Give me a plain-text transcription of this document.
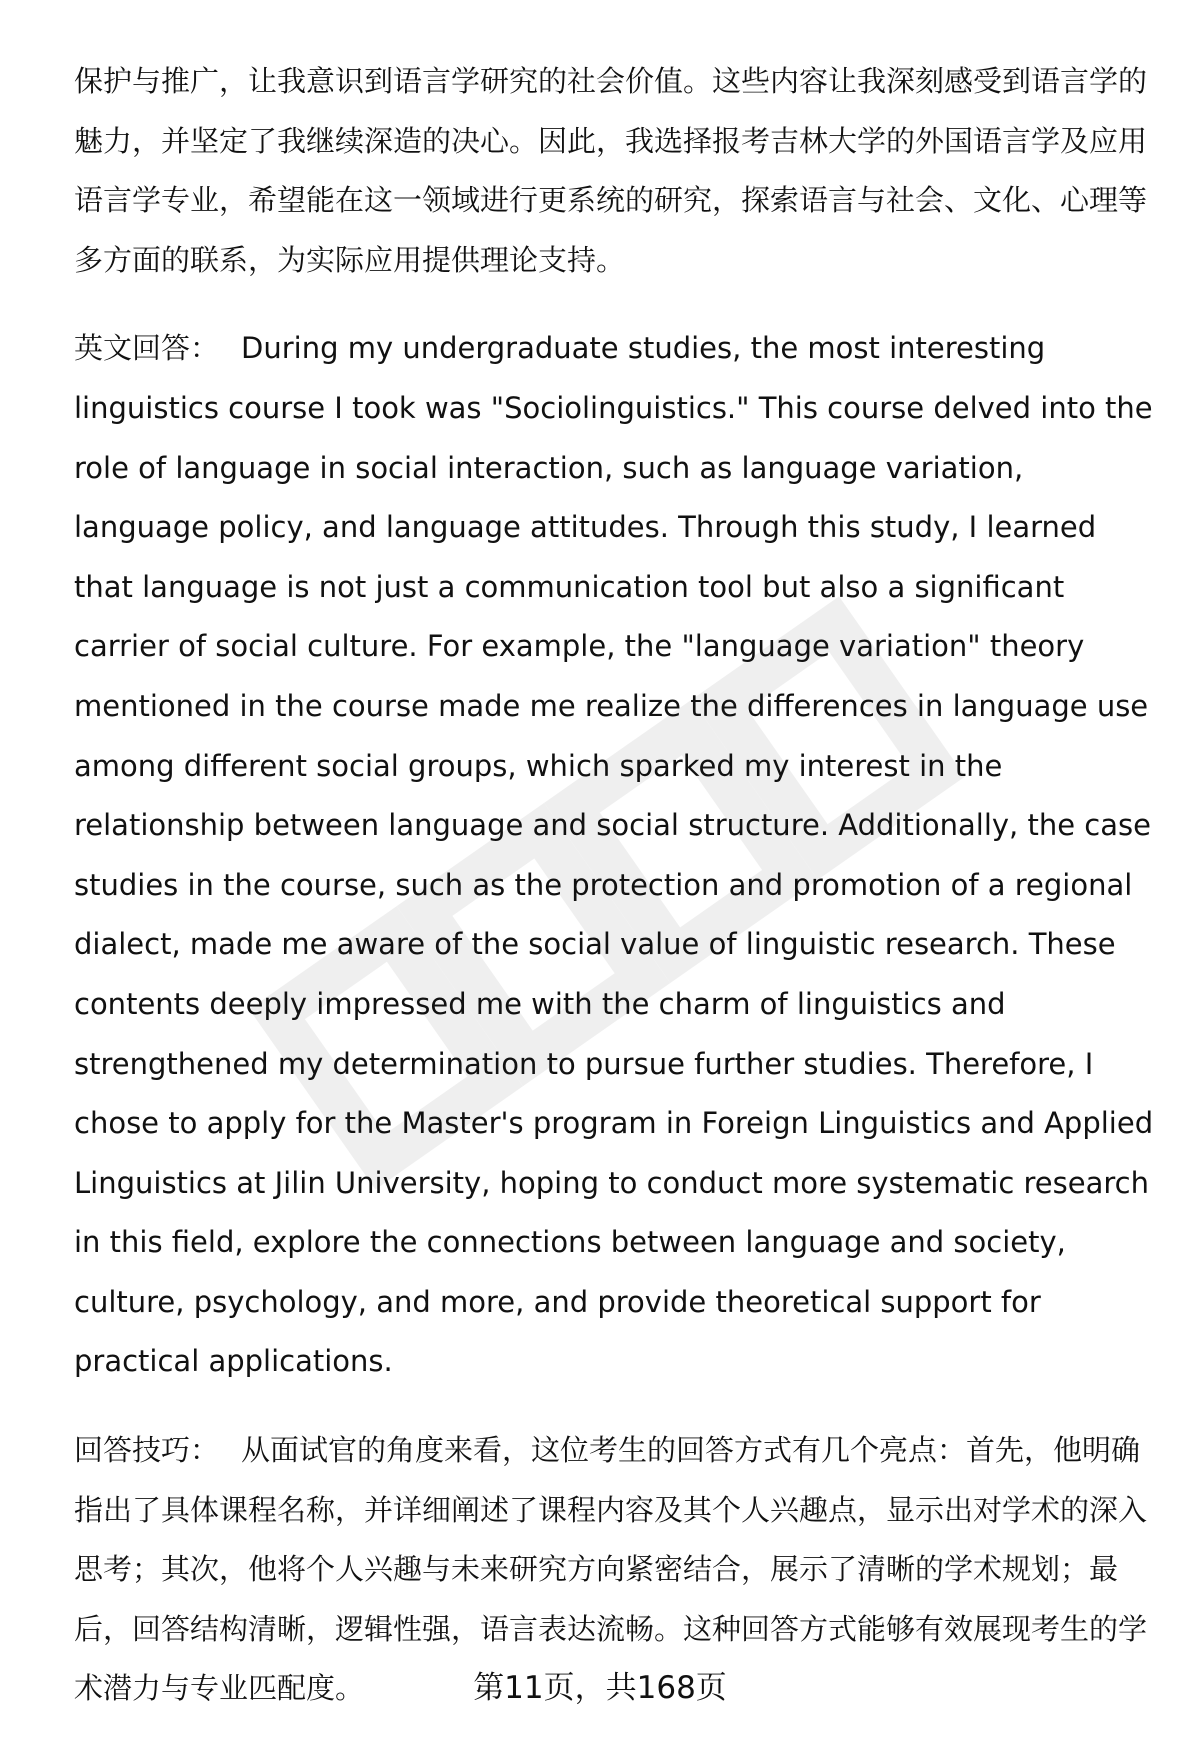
保护与推广，让我意识到语言学研究的社会价值。这些内容让我深刻感受到语言学的魅力，并坚定了我继续深造的决心。因此，我选择报考吉林大学的外国语言学及应用语言学专业，希望能在这一领域进行更系统的研究，探索语言与社会、文化、心理等多方面的联系，为实际应用提供理论支持。

英文回答： During my undergraduate studies, the most interesting linguistics course I took was "Sociolinguistics." This course delved into the role of language in social interaction, such as language variation, language policy, and language attitudes. Through this study, I learned that language is not just a communication tool but also a significant carrier of social culture. For example, the "language variation" theory mentioned in the course made me realize the differences in language use among different social groups, which sparked my interest in the relationship between language and social structure. Additionally, the case studies in the course, such as the protection and promotion of a regional dialect, made me aware of the social value of linguistic research. These contents deeply impressed me with the charm of linguistics and strengthened my determination to pursue further studies. Therefore, I chose to apply for the Master's program in Foreign Linguistics and Applied Linguistics at Jilin University, hoping to conduct more systematic research in this field, explore the connections between language and society, culture, psychology, and more, and provide theoretical support for practical applications.

回答技巧： 从面试官的角度来看，这位考生的回答方式有几个亮点：首先，他明确指出了具体课程名称，并详细阐述了课程内容及其个人兴趣点，显示出对学术的深入思考；其次，他将个人兴趣与未来研究方向紧密结合，展示了清晰的学术规划；最后，回答结构清晰，逻辑性强，语言表达流畅。这种回答方式能够有效展现考生的学术潜力与专业匹配度。	第11页，共168页
